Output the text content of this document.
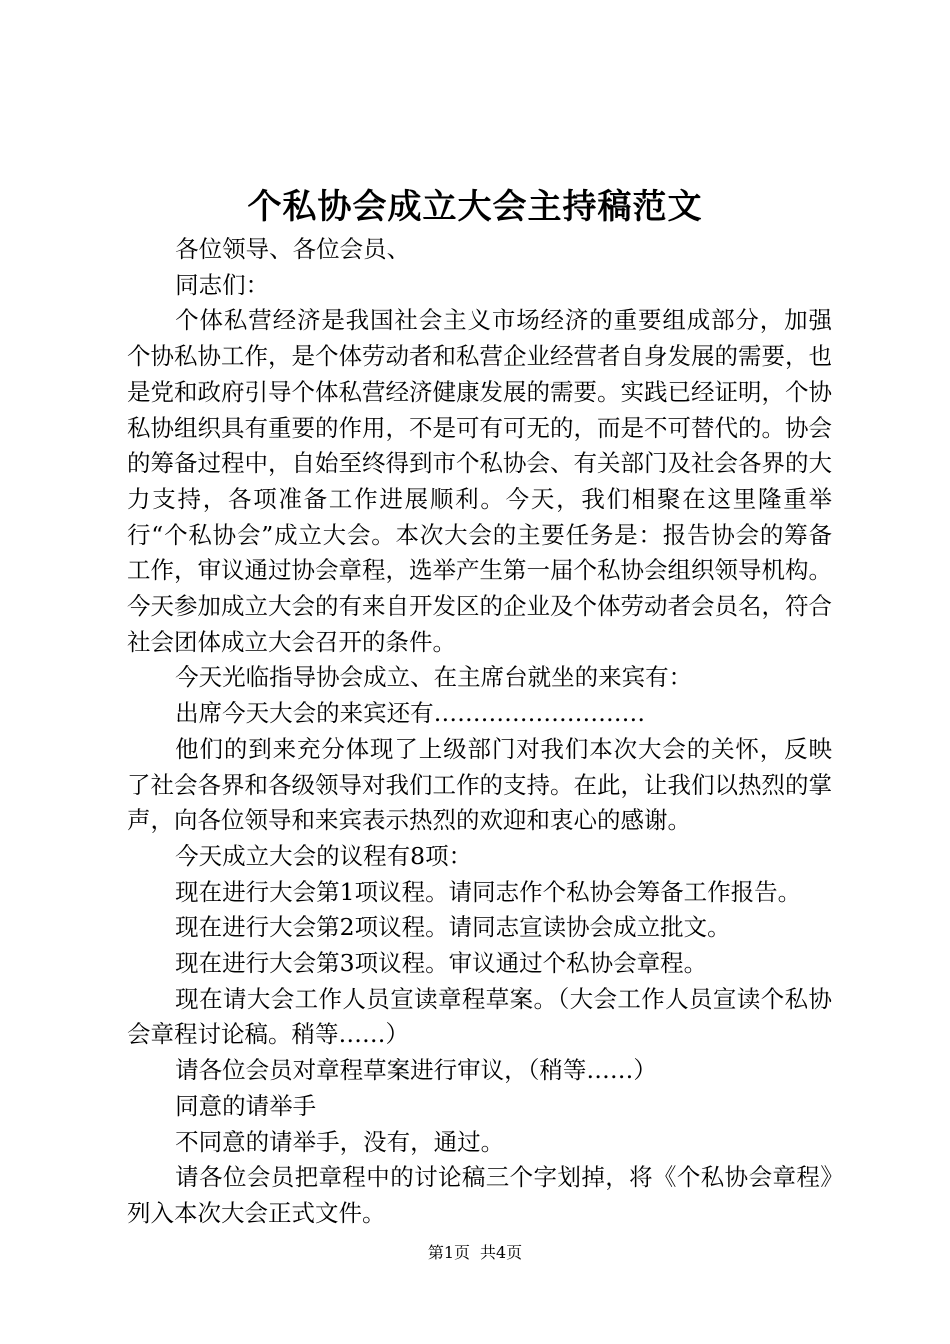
个私协会成立大会主持稿范文

各位领导、各位会员、

同志们：

个体私营经济是我国社会主义市场经济的重要组成部分，加强个协私协工作，是个体劳动者和私营企业经营者自身发展的需要，也是党和政府引导个体私营经济健康发展的需要。实践已经证明，个协私协组织具有重要的作用，不是可有可无的，而是不可替代的。协会的筹备过程中，自始至终得到市个私协会、有关部门及社会各界的大力支持，各项准备工作进展顺利。今天，我们相聚在这里隆重举行“个私协会”成立大会。本次大会的主要任务是：报告协会的筹备工作，审议通过协会章程，选举产生第一届个私协会组织领导机构。今天参加成立大会的有来自开发区的企业及个体劳动者会员名，符合社会团体成立大会召开的条件。

今天光临指导协会成立、在主席台就坐的来宾有：

出席今天大会的来宾还有………………………

他们的到来充分体现了上级部门对我们本次大会的关怀，反映了社会各界和各级领导对我们工作的支持。在此，让我们以热烈的掌声，向各位领导和来宾表示热烈的欢迎和衷心的感谢。

今天成立大会的议程有8项：

现在进行大会第1项议程。请同志作个私协会筹备工作报告。

现在进行大会第2项议程。请同志宣读协会成立批文。

现在进行大会第3项议程。审议通过个私协会章程。

现在请大会工作人员宣读章程草案。（大会工作人员宣读个私协会章程讨论稿。稍等……）

请各位会员对章程草案进行审议，（稍等……）

同意的请举手

不同意的请举手，没有，通过。

请各位会员把章程中的讨论稿三个字划掉，将《个私协会章程》列入本次大会正式文件。

第1页 共4页
